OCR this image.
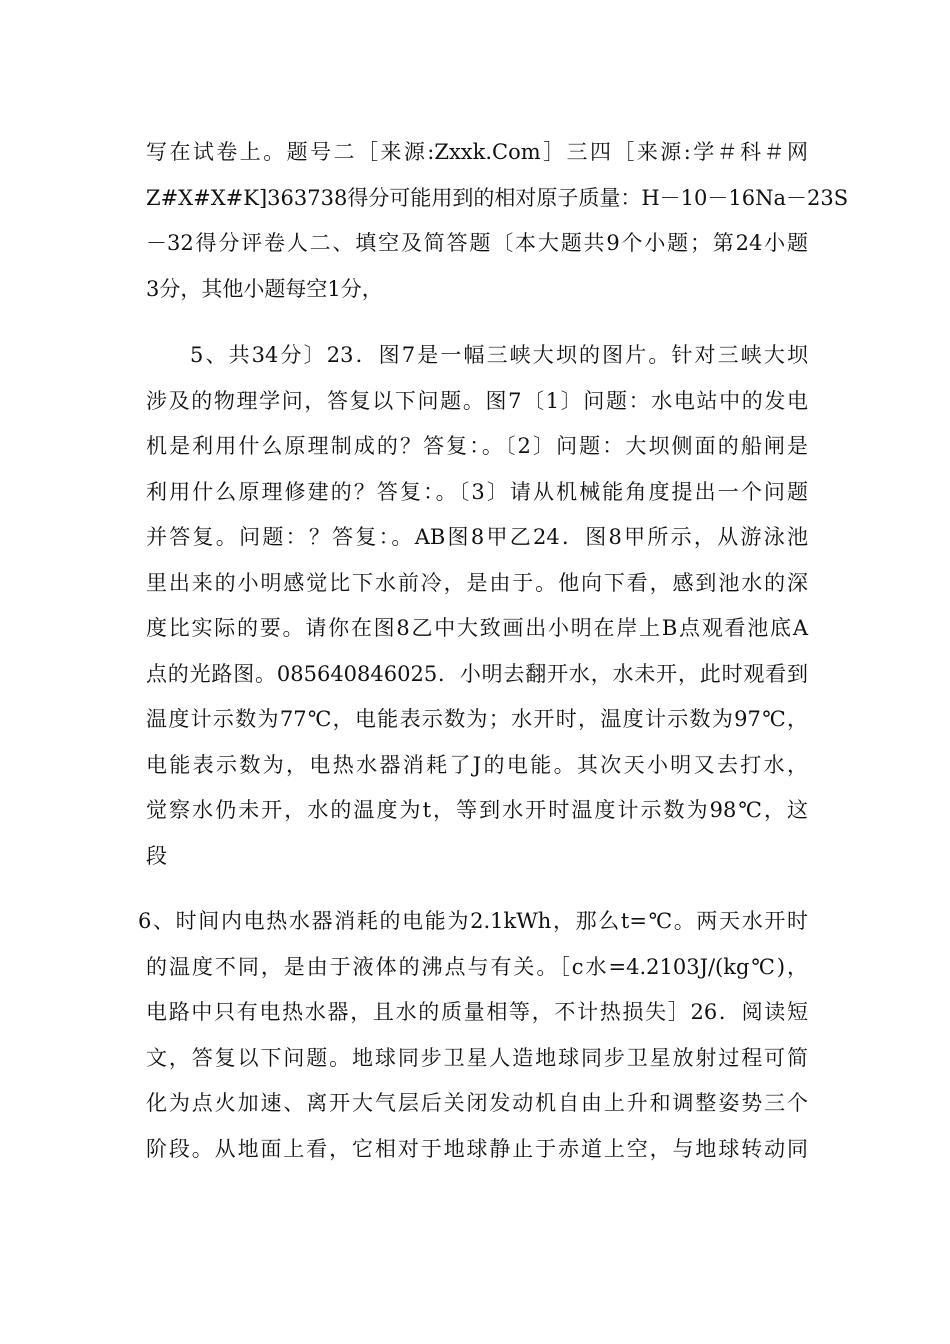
写在试卷上。题号二［来源:Zxxk.Com］三四［来源:学＃科＃网
Z#X#X#K]363738得分可能用到的相对原子质量：H－10－16Na－23S
－32得分评卷人二、填空及简答题〔本大题共9个小题；第24小题
3分，其他小题每空1分，
5、共34分〕23．图7是一幅三峡大坝的图片。针对三峡大坝
涉及的物理学问，答复以下问题。图7〔1〕问题：水电站中的发电
机是利用什么原理制成的？答复：。〔2〕问题：大坝侧面的船闸是
利用什么原理修建的？答复：。〔3〕请从机械能角度提出一个问题
并答复。问题：？答复：。AB图8甲乙24．图8甲所示，从游泳池
里出来的小明感觉比下水前冷，是由于。他向下看，感到池水的深
度比实际的要。请你在图8乙中大致画出小明在岸上B点观看池底A
点的光路图。085640846025．小明去翻开水，水未开，此时观看到
温度计示数为77℃，电能表示数为；水开时，温度计示数为97℃，
电能表示数为，电热水器消耗了J的电能。其次天小明又去打水，
觉察水仍未开，水的温度为t，等到水开时温度计示数为98℃，这
段
6、时间内电热水器消耗的电能为2.1kWh，那么t=℃。两天水开时
的温度不同，是由于液体的沸点与有关。［c水=4.2103J/(kg℃)，
电路中只有电热水器，且水的质量相等，不计热损失］26．阅读短
文，答复以下问题。地球同步卫星人造地球同步卫星放射过程可简
化为点火加速、离开大气层后关闭发动机自由上升和调整姿势三个
阶段。从地面上看，它相对于地球静止于赤道上空，与地球转动同
